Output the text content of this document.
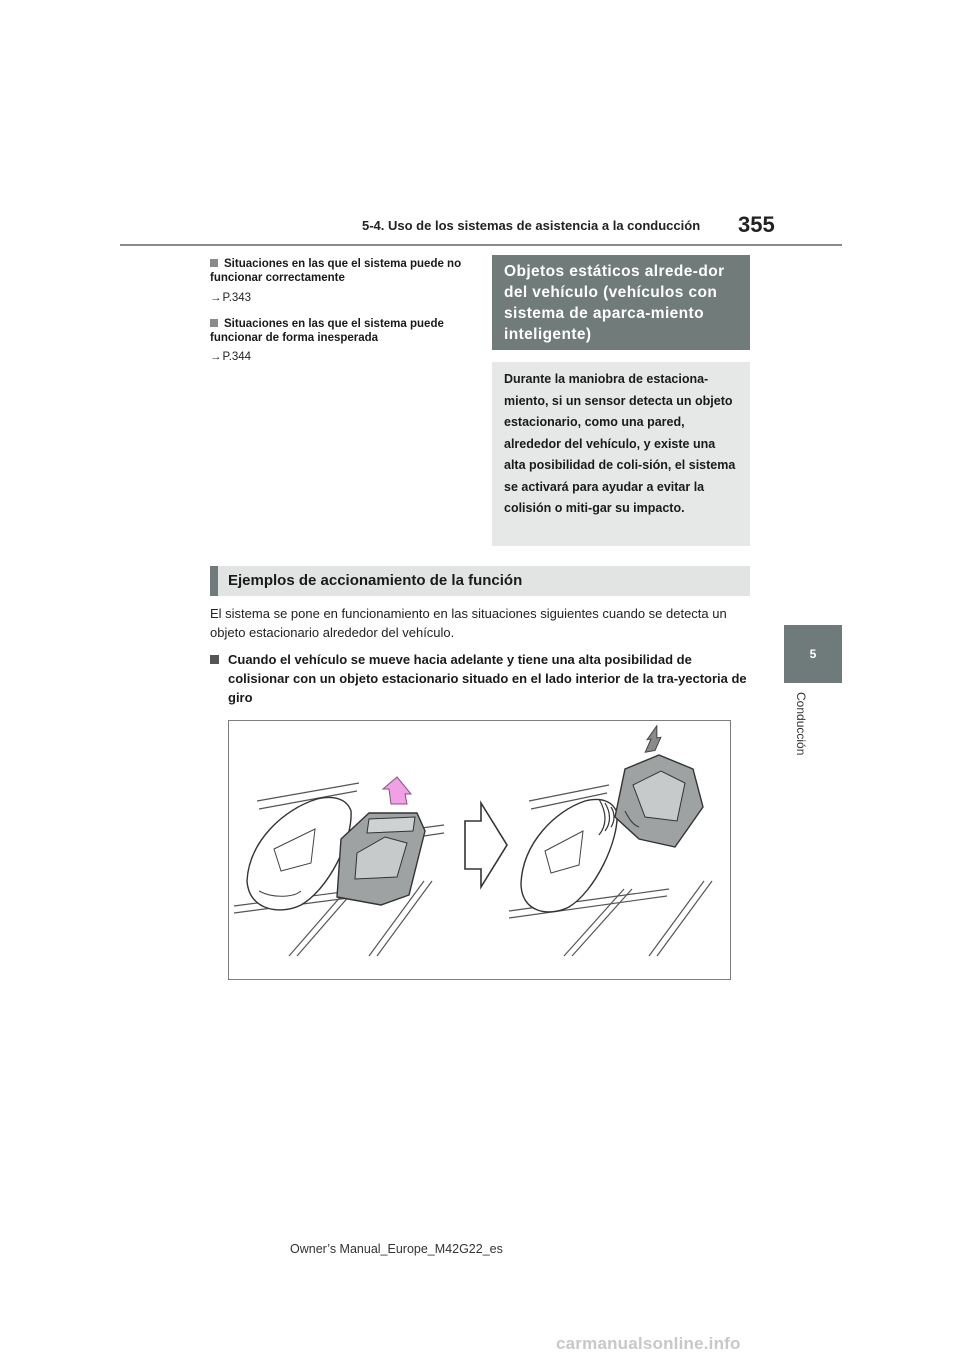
5-4. Uso de los sistemas de asistencia a la conducción 355
5
Conducción
Situaciones en las que el sistema puede no funcionar correctamente
→P.343
Situaciones en las que el sistema puede funcionar de forma inesperada
→P.344
Objetos estáticos alrede-dor del vehículo (vehículos con sistema de aparca-miento inteligente)
Durante la maniobra de estaciona-miento, si un sensor detecta un objeto estacionario, como una pared, alrededor del vehículo, y existe una alta posibilidad de coli-sión, el sistema se activará para ayudar a evitar la colisión o miti-gar su impacto.
Ejemplos de accionamiento de la función
El sistema se pone en funcionamiento en las situaciones siguientes cuando se detecta un objeto estacionario alrededor del vehículo.
Cuando el vehículo se mueve hacia adelante y tiene una alta posibilidad de colisionar con un objeto estacionario situado en el lado interior de la tra-yectoria de giro
Owner’s Manual_Europe_M42G22_es
carmanualsonline.info
